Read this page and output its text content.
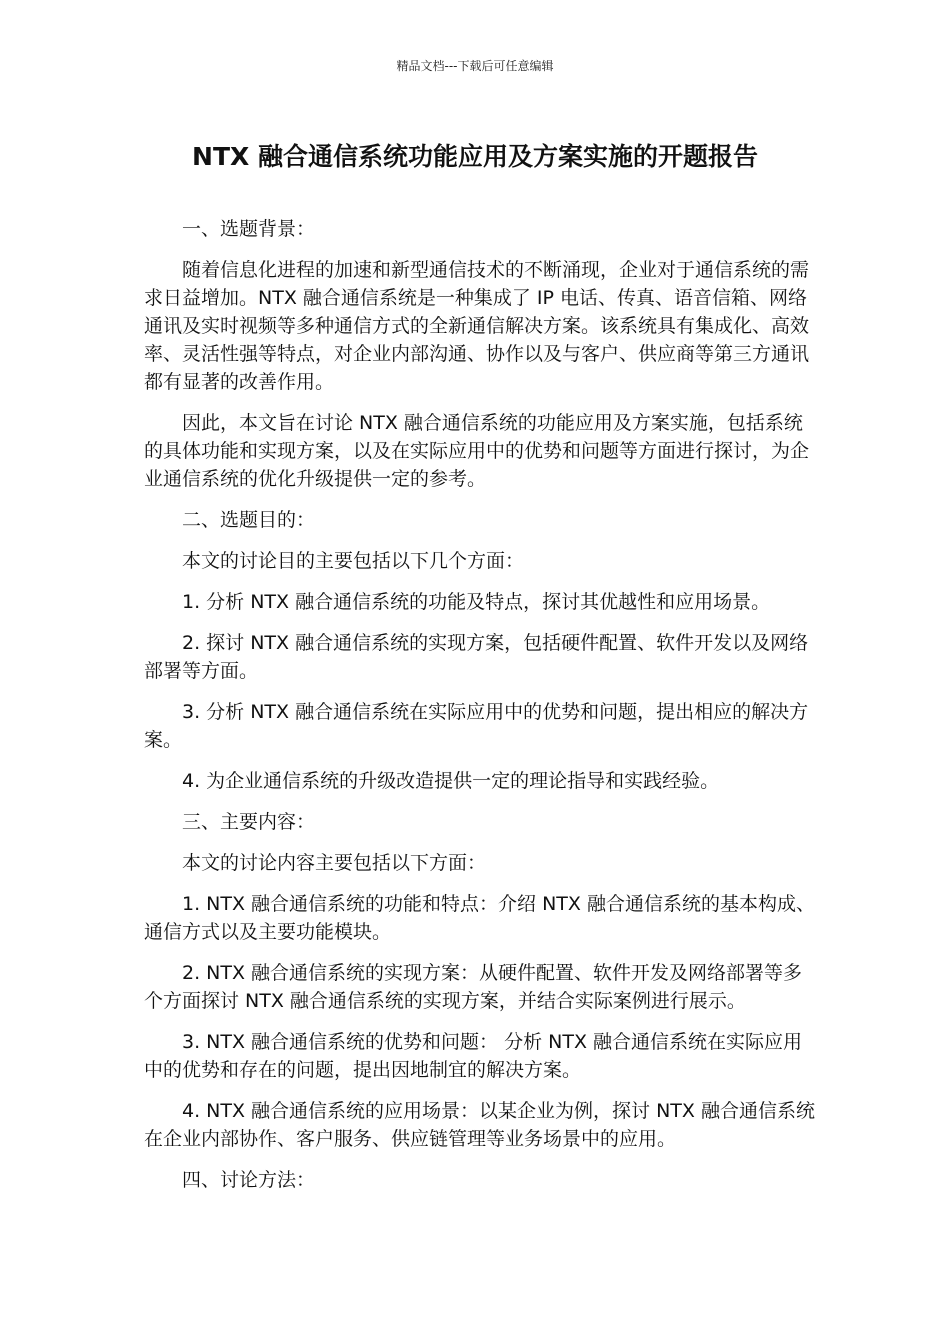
精品文档---下载后可任意编辑
NTX 融合通信系统功能应用及方案实施的开题报告

一、选题背景：

随着信息化进程的加速和新型通信技术的不断涌现，企业对于通信系统的需求日益增加。NTX 融合通信系统是一种集成了 IP 电话、传真、语音信箱、网络通讯及实时视频等多种通信方式的全新通信解决方案。该系统具有集成化、高效率、灵活性强等特点，对企业内部沟通、协作以及与客户、供应商等第三方通讯都有显著的改善作用。

因此，本文旨在讨论 NTX 融合通信系统的功能应用及方案实施，包括系统的具体功能和实现方案，以及在实际应用中的优势和问题等方面进行探讨，为企业通信系统的优化升级提供一定的参考。

二、选题目的：

本文的讨论目的主要包括以下几个方面：

1. 分析 NTX 融合通信系统的功能及特点，探讨其优越性和应用场景。

2. 探讨 NTX 融合通信系统的实现方案，包括硬件配置、软件开发以及网络部署等方面。

3. 分析 NTX 融合通信系统在实际应用中的优势和问题，提出相应的解决方案。

4. 为企业通信系统的升级改造提供一定的理论指导和实践经验。

三、主要内容：

本文的讨论内容主要包括以下方面：

1. NTX 融合通信系统的功能和特点：介绍 NTX 融合通信系统的基本构成、通信方式以及主要功能模块。

2. NTX 融合通信系统的实现方案：从硬件配置、软件开发及网络部署等多个方面探讨 NTX 融合通信系统的实现方案，并结合实际案例进行展示。

3. NTX 融合通信系统的优势和问题： 分析 NTX 融合通信系统在实际应用中的优势和存在的问题，提出因地制宜的解决方案。

4. NTX 融合通信系统的应用场景：以某企业为例，探讨 NTX 融合通信系统在企业内部协作、客户服务、供应链管理等业务场景中的应用。

四、讨论方法：
